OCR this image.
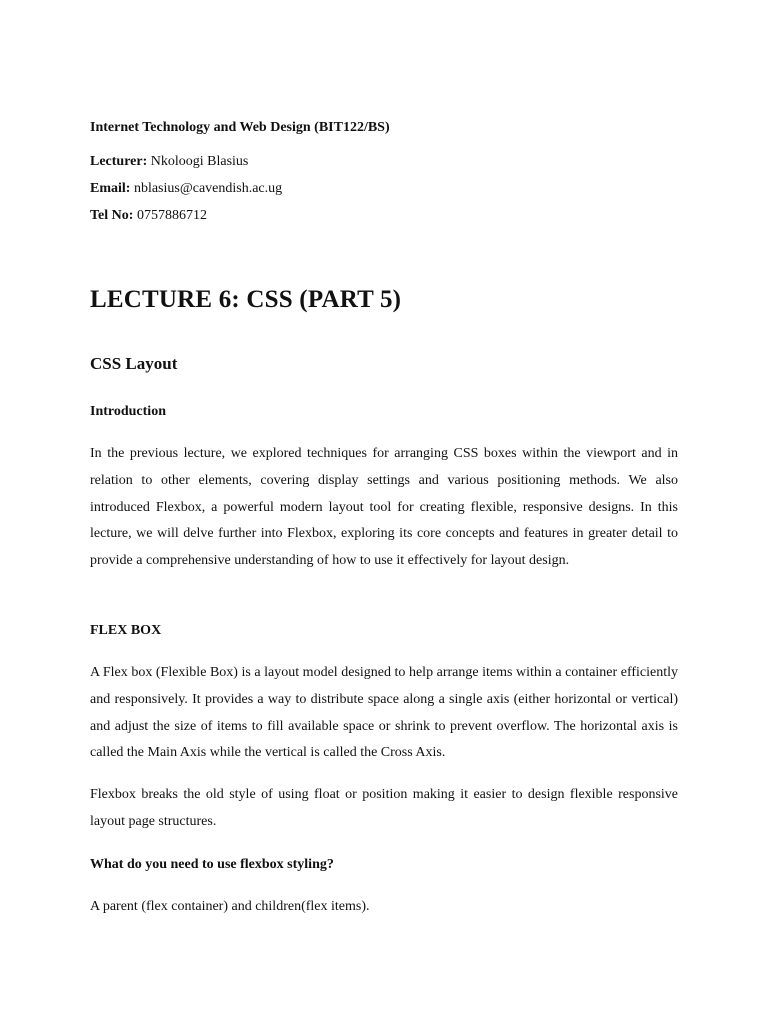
Internet Technology and Web Design (BIT122/BS)
Lecturer: Nkoloogi Blasius
Email: nblasius@cavendish.ac.ug
Tel No: 0757886712
LECTURE 6: CSS (PART 5)
CSS Layout
Introduction

In the previous lecture, we explored techniques for arranging CSS boxes within the viewport and in relation to other elements, covering display settings and various positioning methods. We also introduced Flexbox, a powerful modern layout tool for creating flexible, responsive designs. In this lecture, we will delve further into Flexbox, exploring its core concepts and features in greater detail to provide a comprehensive understanding of how to use it effectively for layout design.

FLEX BOX

A Flex box (Flexible Box) is a layout model designed to help arrange items within a container efficiently and responsively. It provides a way to distribute space along a single axis (either horizontal or vertical) and adjust the size of items to fill available space or shrink to prevent overflow. The horizontal axis is called the Main Axis while the vertical is called the Cross Axis.

Flexbox breaks the old style of using float or position making it easier to design flexible responsive layout page structures.

What do you need to use flexbox styling?

A parent (flex container) and children(flex items).
